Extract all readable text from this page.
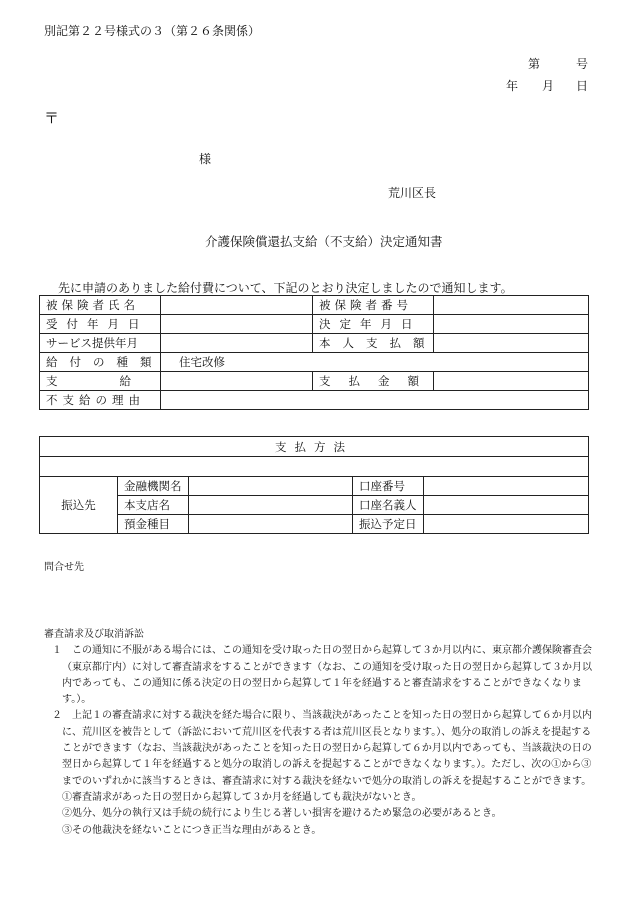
別記第２２号様式の３（第２６条関係）
第	号
年 月 日
〒
様
荒川区長
介護保険償還払支給（不支給）決定通知書
先に申請のありました給付費について、下記のとおり決定しましたので通知します。
被保険者氏名		被保険者番号	

受付年月日		決定年月日	

サービス提供年月		本人支払額	

給付の種類	住宅改修		

支給		支払金額	

不支給の理由			

支払方法				

振込先	金融機関名		口座番号	
	本支店名		口座名義人	
	預金種目		振込予定日	
問合せ先

審査請求及び取消訴訟

１　この通知に不服がある場合には、この通知を受け取った日の翌日から起算して３か月以内に、東京都介護保険審査会（東京都庁内）に対して審査請求をすることができます（なお、この通知を受け取った日の翌日から起算して３か月以内であっても、この通知に係る決定の日の翌日から起算して１年を経過すると審査請求をすることができなくなります。）。

２　上記１の審査請求に対する裁決を経た場合に限り、当該裁決があったことを知った日の翌日から起算して６か月以内に、荒川区を被告として（訴訟において荒川区を代表する者は荒川区長となります。）、処分の取消しの訴えを提起することができます（なお、当該裁決があったことを知った日の翌日から起算して６か月以内であっても、当該裁決の日の翌日から起算して１年を経過すると処分の取消しの訴えを提起することができなくなります。）。ただし、次の①から③までのいずれかに該当するときは、審査請求に対する裁決を経ないで処分の取消しの訴えを提起することができます。

①審査請求があった日の翌日から起算して３か月を経過しても裁決がないとき。

②処分、処分の執行又は手続の続行により生じる著しい損害を避けるため緊急の必要があるとき。

③その他裁決を経ないことにつき正当な理由があるとき。
